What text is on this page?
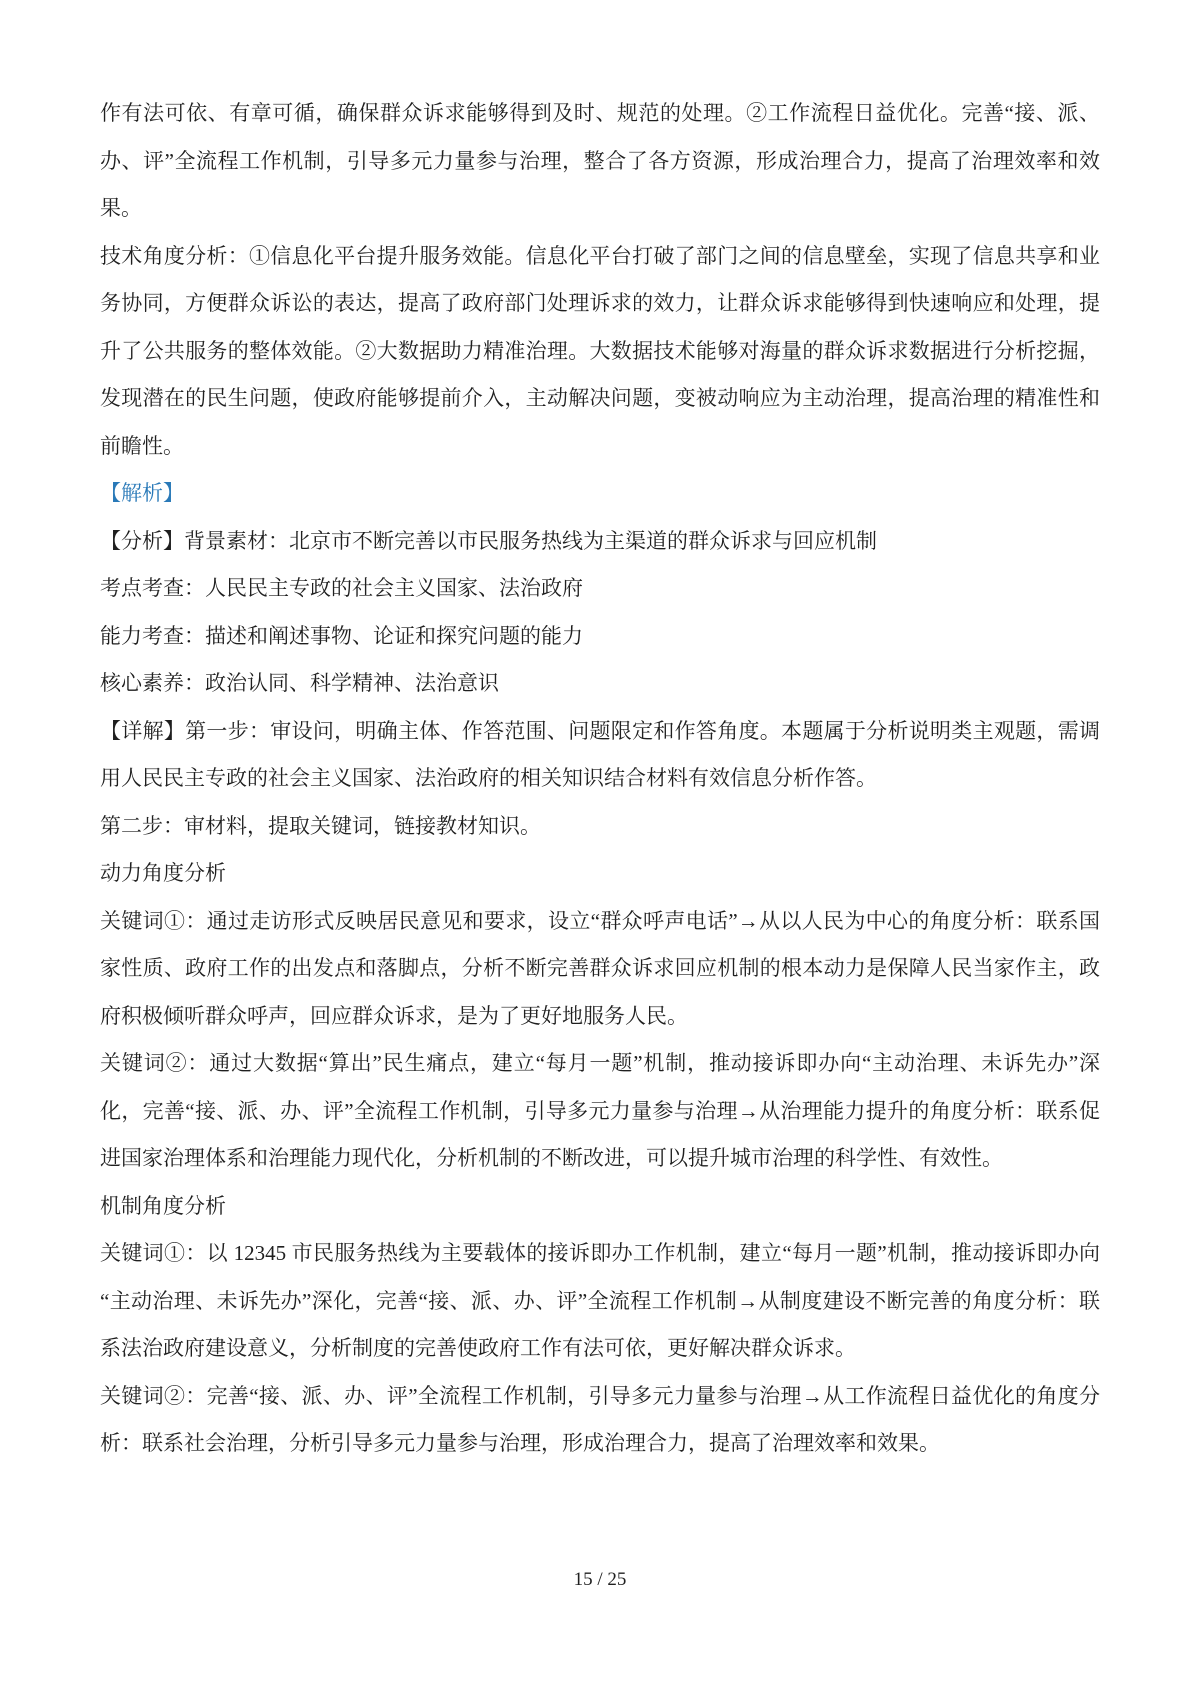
作有法可依、有章可循，确保群众诉求能够得到及时、规范的处理。②工作流程日益优化。完善“接、派、办、评”全流程工作机制，引导多元力量参与治理，整合了各方资源，形成治理合力，提高了治理效率和效果。

技术角度分析：①信息化平台提升服务效能。信息化平台打破了部门之间的信息壁垒，实现了信息共享和业务协同，方便群众诉讼的表达，提高了政府部门处理诉求的效力，让群众诉求能够得到快速响应和处理，提升了公共服务的整体效能。②大数据助力精准治理。大数据技术能够对海量的群众诉求数据进行分析挖掘，发现潜在的民生问题，使政府能够提前介入，主动解决问题，变被动响应为主动治理，提高治理的精准性和前瞻性。

【解析】

【分析】背景素材：北京市不断完善以市民服务热线为主渠道的群众诉求与回应机制

考点考查：人民民主专政的社会主义国家、法治政府

能力考查：描述和阐述事物、论证和探究问题的能力

核心素养：政治认同、科学精神、法治意识

【详解】第一步：审设问，明确主体、作答范围、问题限定和作答角度。本题属于分析说明类主观题，需调用人民民主专政的社会主义国家、法治政府的相关知识结合材料有效信息分析作答。

第二步：审材料，提取关键词，链接教材知识。

动力角度分析

关键词①：通过走访形式反映居民意见和要求，设立“群众呼声电话”→从以人民为中心的角度分析：联系国家性质、政府工作的出发点和落脚点，分析不断完善群众诉求回应机制的根本动力是保障人民当家作主，政府积极倾听群众呼声，回应群众诉求，是为了更好地服务人民。

关键词②：通过大数据“算出”民生痛点，建立“每月一题”机制，推动接诉即办向“主动治理、未诉先办”深化，完善“接、派、办、评”全流程工作机制，引导多元力量参与治理→从治理能力提升的角度分析：联系促进国家治理体系和治理能力现代化，分析机制的不断改进，可以提升城市治理的科学性、有效性。

机制角度分析

关键词①：以 12345 市民服务热线为主要载体的接诉即办工作机制，建立“每月一题”机制，推动接诉即办向“主动治理、未诉先办”深化，完善“接、派、办、评”全流程工作机制→从制度建设不断完善的角度分析：联系法治政府建设意义，分析制度的完善使政府工作有法可依，更好解决群众诉求。

关键词②：完善“接、派、办、评”全流程工作机制，引导多元力量参与治理→从工作流程日益优化的角度分析：联系社会治理，分析引导多元力量参与治理，形成治理合力，提高了治理效率和效果。

15 / 25
